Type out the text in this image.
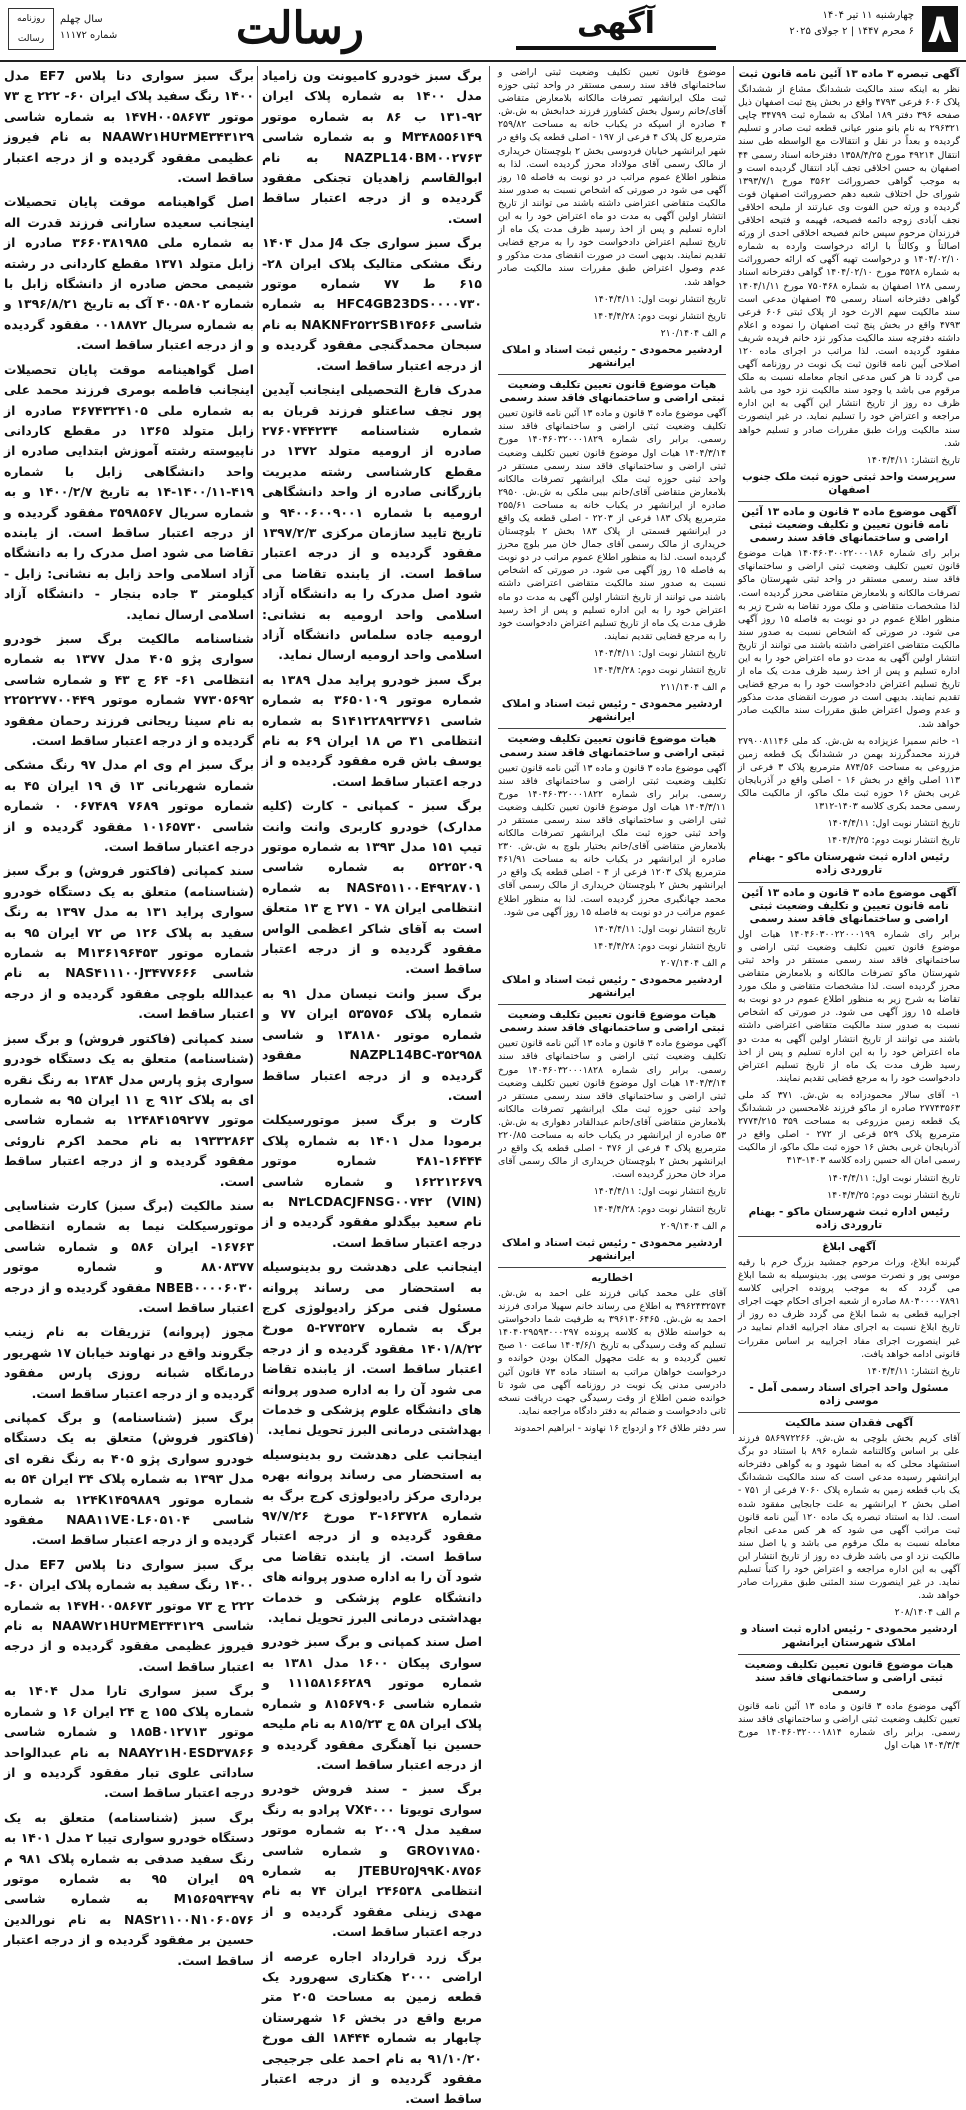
۸
چهارشنبه ۱۱ تیر ۱۴۰۴
۶ محرم ۱۴۴۷ | ۲ جولای ۲۰۲۵
آگهی
رسالت
سال چهلم
شماره ۱۱۱۷۲
روزنامه رسالت
آگهی تبصره ۳ ماده ۱۳ آئین نامه قانون ثبت

نظر به اینکه سند مالکیت ششدانگ مشاع از ششدانگ پلاک ۶۰۶ فرعی ۴۷۹۳ واقع در بخش پنج ثبت اصفهان ذیل صفحه ۳۹۶ دفتر ۱۸۹ املاک به شماره ثبت ۳۴۷۹۹ چاپی ۲۹۶۳۲۱ به نام بانو منور عیانی قطعه ثبت صادر و تسلیم گردیده و بعداً در نقل و انتقالات مع الواسطه طی سند انتقال ۴۹۲۱۴ مورخ ۱۳۵۸/۴/۲۵ دفترخانه اسناد رسمی ۴۴ اصفهان به حسن اخلاقی تجف آباد انتقال گردیده است و به موجب گواهی حصروراثت ۳۵۶۲ مورخ ۱۳۹۳/۷/۱ شورای حل اختلاف شعبه دهم حصروراثت اصفهان فوت گردیده و ورثه حین الفوت وی عبارتند از ملیحه اخلاقی نجف آبادی زوجه دائمه فصیحه، فهیمه و فتیحه اخلاقی فرزندان مرحوم سپس خانم فصیحه اخلاقی احدی از ورثه اصالتاً و وکالتاً با ارائه درخواست وارده به شماره ۱۴۰۴/۰۲/۱۰ و درخواست تهیه آگهی که ارائه حصروراثت به شماره ۳۵۲۸ مورخ ۱۴۰۴/۰۲/۱۰ گواهی دفترخانه اسناد رسمی ۱۲۸ اصفهان به شماره ۷۵۰۴۶۸ مورخ ۱۴۰۴/۱/۱۱ گواهی دفترخانه اسناد رسمی ۳۵ اصفهان مدعی است سند مالکیت سهم الارث خود از پلاک ثبتی ۶۰۶ فرعی ۴۷۹۳ واقع در بخش پنج ثبت اصفهان را نموده و اعلام داشته دفترچه سند مالکیت مذکور نزد خانم فریده شریف مفقود گردیده است. لذا مراتب در اجرای ماده ۱۲۰ اصلاحی آیین نامه قانون ثبت یک نوبت در روزنامه آگهی می گردد تا هر کس مدعی انجام معامله نسبت به ملک مرقوم می باشد یا وجود سند مالکیت نزد خود می باشد ظرف ده روز از تاریخ انتشار این آگهی به این اداره مراجعه و اعتراض خود را تسلیم نماید. در غیر اینصورت سند مالکیت وراث طبق مقررات صادر و تسلیم خواهد شد.

تاریخ انتشار: ۱۴۰۴/۴/۱۱

سرپرست واحد ثبتی حوزه ثبت ملک جنوب اصفهان
آگهی موضوع ماده ۳ قانون و ماده ۱۳ آئین نامه قانون تعیین و تکلیف وضعیت ثبتی اراضی و ساختمانهای فاقد سند رسمی

برابر رای شماره ۱۴۰۴۶۰۳۰۰۲۲۰۰۰۱۸۶ هیات موضوع قانون تعیین تکلیف وضعیت ثبتی اراضی و ساختمانهای فاقد سند رسمی مستقر در واحد ثبتی شهرستان ماکو تصرفات مالکانه و بلامعارض متقاضی محرز گردیده است. لذا مشخصات متقاضی و ملک مورد تقاضا به شرح زیر به منظور اطلاع عموم در دو نوبت به فاصله ۱۵ روز آگهی می شود. در صورتی که اشخاص نسبت به صدور سند مالکیت متقاضی اعتراضی داشته باشند می توانند از تاریخ انتشار اولین آگهی به مدت دو ماه اعتراض خود را به این اداره تسلیم و پس از اخذ رسید ظرف مدت یک ماه از تاریخ تسلیم اعتراض دادخواست خود را به مرجع قضایی تقدیم نمایند. بدیهی است در صورت انقضای مدت مذکور و عدم وصول اعتراض طبق مقررات سند مالکیت صادر خواهد شد.

۱- خانم سمیرا عزیزاده به ش.ش. کد ملی ۲۷۹۰۰۸۱۱۴۶ فرزند محمدگرزند بهمن در ششدانگ یک قطعه زمین مزروعی به مساحت ۸۷۴/۵۶ مترمربع پلاک ۳ فرعی از ۱۱۳ اصلی واقع در بخش ۱۶ - اصلی واقع در آذربایجان غربی بخش ۱۶ حوزه ثبت ملک ماکو، از مالکیت مالک رسمی محمد بکری کلاسه ۱۴۰۳-۱۳۱۲

تاریخ انتشار نوبت اول: ۱۴۰۴/۴/۱۱

تاریخ انتشار نوبت دوم: ۱۴۰۴/۴/۲۵

رئیس اداره ثبت شهرستان ماکو - بهنام تاروردی زاده
آگهی موضوع ماده ۳ قانون و ماده ۱۳ آئین نامه قانون تعیین و تکلیف وضعیت ثبتی اراضی و ساختمانهای فاقد سند رسمی

برابر رای شماره ۱۴۰۴۶۰۳۰۰۲۲۰۰۰۱۹۹ هیات اول موضوع قانون تعیین تکلیف وضعیت ثبتی اراضی و ساختمانهای فاقد سند رسمی مستقر در واحد ثبتی شهرستان ماکو تصرفات مالکانه و بلامعارض متقاضی محرز گردیده است. لذا مشخصات متقاضی و ملک مورد تقاضا به شرح زیر به منظور اطلاع عموم در دو نوبت به فاصله ۱۵ روز آگهی می شود. در صورتی که اشخاص نسبت به صدور سند مالکیت متقاضی اعتراضی داشته باشند می توانند از تاریخ انتشار اولین آگهی به مدت دو ماه اعتراض خود را به این اداره تسلیم و پس از اخذ رسید ظرف مدت یک ماه از تاریخ تسلیم اعتراض دادخواست خود را به مرجع قضایی تقدیم نمایند.

۱- آقای سالار محمودزاده به ش.ش. ۳۷۱ کد ملی ۲۷۷۴۳۵۶۳ صادره از ماکو فرزند غلامحسین در ششدانگ یک قطعه زمین مزروعی به مساحت ۳۵۹ ۲۷۷۴/۲۱۵ مترمربع پلاک ۵۲۹ فرعی از ۲۷۲ - اصلی واقع در آذربایجان غربی بخش ۱۶ حوزه ثبت ملک ماکو، از مالکیت رسمی امان اله حسین زاده کلاسه ۱۴۰۳-۴۱۳

تاریخ انتشار نوبت اول: ۱۴۰۴/۴/۱۱

تاریخ انتشار نوبت دوم: ۱۴۰۴/۴/۲۵

رئیس اداره ثبت شهرستان ماکو - بهنام تاروردی زاده
آگهی ابلاغ

گیرنده ابلاغ، وراث مرحوم جمشید بزرگ خرم با رقیه موسی پور و نصرت موسی پور. بدینوسیله به شما ابلاغ می گردد که به موجب پرونده اجرایی کلاسه ۸۸۰۴۰۰۰۰۷۸۹۱ صادره از شعبه اجرای احکام جهت اجرای اجراییه قطعی به شما ابلاغ می گردد ظرف ده روز از تاریخ ابلاغ نسبت به اجرای مفاد اجراییه اقدام نمایید در غیر اینصورت اجرای مفاد اجراییه بر اساس مقررات قانونی ادامه خواهد یافت.

تاریخ انتشار: ۱۴۰۴/۴/۱۱

مسئول واحد اجرای اسناد رسمی آمل - موسی زاده
آگهی فقدان سند مالکیت

آقای کریم بخش بلوچی به ش.ش. ۵۸۶۹۷۲۲۶۶ فرزند علی بر اساس وکالتنامه شماره ۸۹۶ با استناد دو برگ استشهاد محلی که به امضا شهود و به گواهی دفترخانه ایرانشهر رسیده مدعی است که سند مالکیت ششدانگ یک باب قطعه زمین به شماره پلاک ۷۰۶۰ فرعی از ۷۵۱ - اصلی بخش ۲ ایرانشهر به علت جابجایی مفقود شده است. لذا به استناد تبصره یک ماده ۱۲۰ آیین نامه قانون ثبت مراتب آگهی می شود که هر کس مدعی انجام معامله نسبت به ملک مرقوم می باشد و یا اصل سند مالکیت نزد او می باشد ظرف ده روز از تاریخ انتشار این آگهی به این اداره مراجعه و اعتراض خود را کتباً تسلیم نماید. در غیر اینصورت سند المثنی طبق مقررات صادر خواهد شد.

م الف ۲۰۸/۱۴۰۴

اردشیر محمودی - رئیس اداره ثبت اسناد و املاک شهرستان ایرانشهر
هیات موضوع قانون تعیین تکلیف وضعیت ثبتی اراضی و ساختمانهای فاقد سند رسمی

آگهی موضوع ماده ۳ قانون و ماده ۱۳ آئین نامه قانون تعیین تکلیف وضعیت ثبتی اراضی و ساختمانهای فاقد سند رسمی. برابر رای شماره ۱۴۰۴۶۰۳۲۰۰۰۱۸۱۴ مورخ ۱۴۰۴/۳/۴ هیات اول

موضوع قانون تعیین تکلیف وضعیت ثبتی اراضی و ساختمانهای فاقد سند رسمی مستقر در واحد ثبتی حوزه ثبت ملک ایرانشهر تصرفات مالکانه بلامعارض متقاضی آقای/خانم رسول بخش کشاورز فرزند خدابخش به ش.ش. ۴ صادره از اسپکه در یکباب خانه به مساحت ۲۵۹/۸۲ مترمربع کل پلاک ۴ فرعی از ۱۹۷ - اصلی قطعه یک واقع در شهر ایرانشهر خیابان فردوسی بخش ۲ بلوچستان خریداری از مالک رسمی آقای مولاداد محرز گردیده است. لذا به منظور اطلاع عموم مراتب در دو نوبت به فاصله ۱۵ روز آگهی می شود در صورتی که اشخاص نسبت به صدور سند مالکیت متقاضی اعتراضی داشته باشند می توانند از تاریخ انتشار اولین آگهی به مدت دو ماه اعتراض خود را به این اداره تسلیم و پس از اخذ رسید ظرف مدت یک ماه از تاریخ تسلیم اعتراض دادخواست خود را به مرجع قضایی تقدیم نمایند. بدیهی است در صورت انقضای مدت مذکور و عدم وصول اعتراض طبق مقررات سند مالکیت صادر خواهد شد.

تاریخ انتشار نوبت اول: ۱۴۰۴/۴/۱۱

تاریخ انتشار نوبت دوم: ۱۴۰۴/۴/۲۸

م الف ۲۱۰/۱۴۰۴

اردشیر محمودی - رئیس ثبت اسناد و املاک ایرانشهر
هیات موضوع قانون تعیین تکلیف وضعیت ثبتی اراضی و ساختمانهای فاقد سند رسمی

آگهی موضوع ماده ۳ قانون و ماده ۱۳ آئین نامه قانون تعیین تکلیف وضعیت ثبتی اراضی و ساختمانهای فاقد سند رسمی. برابر رای شماره ۱۴۰۴۶۰۳۲۰۰۰۱۸۲۹ مورخ ۱۴۰۴/۳/۱۴ هیات اول موضوع قانون تعیین تکلیف وضعیت ثبتی اراضی و ساختمانهای فاقد سند رسمی مستقر در واحد ثبتی حوزه ثبت ملک ایرانشهر تصرفات مالکانه بلامعارض متقاضی آقای/خانم بیبی ملکی به ش.ش. ۲۹۵۰ صادره از ایرانشهر در یکباب خانه به مساحت ۲۵۵/۶۱ مترمربع پلاک ۱۸۳ فرعی از ۲۲۰۳ - اصلی قطعه یک واقع در ایرانشهر قسمتی از پلاک ۱۸۳ بخش ۲ بلوچستان خریداری از مالک رسمی آقای جمال خان میر بلوچ محرز گردیده است. لذا به منظور اطلاع عموم مراتب در دو نوبت به فاصله ۱۵ روز آگهی می شود. در صورتی که اشخاص نسبت به صدور سند مالکیت متقاضی اعتراضی داشته باشند می توانند از تاریخ انتشار اولین آگهی به مدت دو ماه اعتراض خود را به این اداره تسلیم و پس از اخذ رسید ظرف مدت یک ماه از تاریخ تسلیم اعتراض دادخواست خود را به مرجع قضایی تقدیم نمایند.

تاریخ انتشار نوبت اول: ۱۴۰۴/۴/۱۱

تاریخ انتشار نوبت دوم: ۱۴۰۴/۴/۲۸

م الف ۲۱۱/۱۴۰۴

اردشیر محمودی - رئیس ثبت اسناد و املاک ایرانشهر
هیات موضوع قانون تعیین تکلیف وضعیت ثبتی اراضی و ساختمانهای فاقد سند رسمی

آگهی موضوع ماده ۳ قانون و ماده ۱۳ آئین نامه قانون تعیین تکلیف وضعیت ثبتی اراضی و ساختمانهای فاقد سند رسمی. برابر رای شماره ۱۴۰۴۶۰۳۲۰۰۰۱۸۲۲ مورخ ۱۴۰۴/۳/۱۱ هیات اول موضوع قانون تعیین تکلیف وضعیت ثبتی اراضی و ساختمانهای فاقد سند رسمی مستقر در واحد ثبتی حوزه ثبت ملک ایرانشهر تصرفات مالکانه بلامعارض متقاضی آقای/خانم بختیار بلوچ به ش.ش. ۲۳۰ صادره از ایرانشهر در یکباب خانه به مساحت ۴۶۱/۹۱ مترمربع پلاک ۱۲۰۳ فرعی از ۴ - اصلی قطعه یک واقع در ایرانشهر بخش ۲ بلوچستان خریداری از مالک رسمی آقای محمد جهانگیری محرز گردیده است. لذا به منظور اطلاع عموم مراتب در دو نوبت به فاصله ۱۵ روز آگهی می شود.

تاریخ انتشار نوبت اول: ۱۴۰۴/۴/۱۱

تاریخ انتشار نوبت دوم: ۱۴۰۴/۴/۲۸

م الف ۲۰۷/۱۴۰۴

اردشیر محمودی - رئیس ثبت اسناد و املاک ایرانشهر
هیات موضوع قانون تعیین تکلیف وضعیت ثبتی اراضی و ساختمانهای فاقد سند رسمی

آگهی موضوع ماده ۳ قانون و ماده ۱۳ آئین نامه قانون تعیین تکلیف وضعیت ثبتی اراضی و ساختمانهای فاقد سند رسمی. برابر رای شماره ۱۴۰۴۶۰۳۲۰۰۰۱۸۲۸ مورخ ۱۴۰۴/۳/۱۴ هیات اول موضوع قانون تعیین تکلیف وضعیت ثبتی اراضی و ساختمانهای فاقد سند رسمی مستقر در واحد ثبتی حوزه ثبت ملک ایرانشهر تصرفات مالکانه بلامعارض متقاضی آقای/خانم عبدالقادر دهواری به ش.ش. ۵۳ صادره از ایرانشهر در یکباب خانه به مساحت ۲۲۰/۸۵ مترمربع پلاک ۴ فرعی از ۴۷۶ - اصلی قطعه یک واقع در ایرانشهر بخش ۲ بلوچستان خریداری از مالک رسمی آقای مراد خان محرز گردیده است.

تاریخ انتشار نوبت اول: ۱۴۰۴/۴/۱۱

تاریخ انتشار نوبت دوم: ۱۴۰۴/۴/۲۸

م الف ۲۰۹/۱۴۰۴

اردشیر محمودی - رئیس ثبت اسناد و املاک ایرانشهر
اخطاریه

آقای علی محمد کیانی فرزند علی احمد به ش.ش. ۳۹۶۲۴۳۲۵۷۴ به اطلاع می رساند خانم سهیلا مرادی فرزند احمد به ش.ش. ۳۹۶۱۳۰۶۴۶۵ به طرفیت شما دادخواستی به خواسته طلاق به کلاسه پرونده ۱۴۰۴۰۲۹۵۹۳۰۰۰۲۹۷ تسلیم که وقت رسیدگی به تاریخ ۱۴۰۴/۶/۱ ساعت ۱۰ صبح تعیین گردیده و به علت مجهول المکان بودن خوانده و درخواست خواهان مراتب به استناد ماده ۷۳ قانون آئین دادرسی مدنی یک نوبت در روزنامه آگهی می شود تا خوانده ضمن اطلاع از وقت رسیدگی جهت دریافت نسخه ثانی دادخواست و ضمائم به دفتر دادگاه مراجعه نماید.

سر دفتر طلاق ۲۶ و ازدواج ۱۶ نهاوند - ابراهیم احمدوند

برگ سبز خودرو کامیونت ون زامیاد مدل ۱۴۰۰ به شماره پلاک ایران ۹۲-۱۳۱ ب ۸۶ به شماره موتور M۳۴۸۵۵۶۱۴۹ و به شماره شاسی NAZPL14۰BM۰۰۲۷۶۳ به نام ابوالقاسم زاهدیان تجنکی مفقود گردیده و از درجه اعتبار ساقط است.

برگ سبز سواری جک J4 مدل ۱۴۰۴ رنگ مشکی متالیک پلاک ایران ۲۸- ۶۱۵ ط ۷۷ شماره موتور HFC4GB23DS۰۰۰۰۷۳۰ به شماره شاسی NAKNF۲۵۲۲SB۱۴۵۶۶ به نام سبحان محمدگنجی مفقود گردیده و از درجه اعتبار ساقط است.

مدرک فارغ التحصیلی اینجانب آیدین پور نجف ساعتلو فرزند قربان به شماره شناسنامه ۲۷۶۰۷۴۴۲۳۴ صادره از ارومیه متولد ۱۳۷۲ در مقطع کارشناسی رشته مدیریت بازرگانی صادره از واحد دانشگاهی ارومیه با شماره ۹۴۰۰۶۰۰۹۰۰۱ و تاریخ تایید سازمان مرکزی ۱۳۹۷/۲/۳ مفقود گردیده و از درجه اعتبار ساقط است. از یابنده تقاضا می شود اصل مدرک را به دانشگاه آزاد اسلامی واحد ارومیه به نشانی: ارومیه جاده سلماس دانشگاه آزاد اسلامی واحد ارومیه ارسال نماید.

برگ سبز خودرو پراید مدل ۱۳۸۹ به شماره موتور ۳۶۵۰۱۰۹ به شماره شاسی S۱۴۱۲۲۸۹۲۳۷۶۱ به شماره انتظامی ۳۱ ص ۱۸ ایران ۶۹ به نام یوسف باش قره مفقود گردیده و از درجه اعتبار ساقط است.

برگ سبز - کمپانی - کارت (کلیه مدارک) خودرو کاربری وانت وانت تیپ ۱۵۱ مدل ۱۳۹۳ به شماره موتور ۵۲۲۵۲۰۹ به شماره شاسی NAS۴۵۱۱۰۰E۴۹۲۸۷۰۱ به شماره انتظامی ایران ۷۸ - ۲۷۱ ج ۱۳ متعلق است به آقای شاکر اعظمی الواس مفقود گردیده و از درجه اعتبار ساقط است.

برگ سبز وانت نیسان مدل ۹۱ به شماره پلاک ۵۳۵۷۵۶ ایران ۷۷ و شماره موتور ۱۳۸۱۸۰ و شاسی NAZPL14BC-۳۵۲۹۵۸ مفقود گردیده و از درجه اعتبار ساقط است.

کارت و برگ سبز موتورسیکلت برمودا مدل ۱۴۰۱ به شماره پلاک ۱۶۴۴۴-۴۸۱ شماره موتور ۱۶۲۲۱۲۶۷۹ و شماره شاسی N۳LCDACJFNSG۰۰۷۴۲ (VIN) به نام سعید بیگدلو مفقود گردیده و از درجه اعتبار ساقط است.

اینجانب علی دهدشت رو بدینوسیله به استحضار می رساند پروانه مسئول فنی مرکز رادیولوژی کرج برگ به شماره ۲۷۳۵۲۷-۵ مورخ ۱۴۰۱/۸/۲۲ مفقود گردیده و از درجه اعتبار ساقط است. از یابنده تقاضا می شود آن را به اداره صدور پروانه های دانشگاه علوم پزشکی و خدمات بهداشتی درمانی البرز تحویل نماید.

اینجانب علی دهدشت رو بدینوسیله به استحضار می رساند پروانه بهره برداری مرکز رادیولوژی کرج برگ به شماره ۱۶۳۷۲۸-۳ مورخ ۹۷/۷/۲۶ مفقود گردیده و از درجه اعتبار ساقط است. از یابنده تقاضا می شود آن را به اداره صدور پروانه های دانشگاه علوم پزشکی و خدمات بهداشتی درمانی البرز تحویل نماید.

اصل سند کمپانی و برگ سبز خودرو سواری پیکان ۱۶۰۰ مدل ۱۳۸۱ به شماره موتور ۱۱۱۵۸۱۶۶۲۸۹ و شماره شاسی ۸۱۵۶۷۹۰۶ و شماره پلاک ایران ۵۸ ج ۸۱۵/۲۳ به نام ملیحه حسین نیا آهنگری مفقود گردیده و از درجه اعتبار ساقط است.

برگ سبز - سند فروش خودرو سواری تویوتا VX۴۰۰۰ پرادو به رنگ سفید مدل ۲۰۰۹ به شماره موتور GRO۷۱۷۸۵۰ و شماره شاسی JTEBU۲۵J۹۹K۰۸۷۵۶ به شماره انتظامی ۲۴۶۵۳۸ ایران ۷۴ به نام مهدی زینلی مفقود گردیده و از درجه اعتبار ساقط است.

برگ زرد قرارداد اجاره عرصه از اراضی ۲۰۰۰ هکتاری سهرورد یک قطعه زمین به مساحت ۲۰۵ متر مربع واقع در بخش ۱۶ شهرستان چابهار به شماره ۱۸۴۴۴ الف مورخ ۹۱/۱۰/۲۰ به نام احمد علی جرجیجی مفقود گردیده و از درجه اعتبار ساقط است.

برگ سبز سواری دنا پلاس EF7 مدل ۱۴۰۰ رنگ سفید پلاک ایران ۶۰- ۲۲۲ ج ۷۳ موتور ۱۴۷H۰۰۵۸۶۷۳ به شماره شاسی NAAW۲۱HU۳ME۳۴۳۱۲۹ به نام فیروز عظیمی مفقود گردیده و از درجه اعتبار ساقط است.

اصل گواهینامه موقت پایان تحصیلات اینجانب سعیده سارانی فرزند قدرت اله به شماره ملی ۳۶۶۰۳۸۱۹۸۵ صادره از زابل متولد ۱۳۷۱ مقطع کاردانی در رشته شیمی محض صادره از دانشگاه زابل با شماره ۴۰۰۵۸۰۲ آک به تاریخ ۱۳۹۶/۸/۲۱ و به شماره سریال ۰۰۱۸۸۷۲ مفقود گردیده و از درجه اعتبار ساقط است.

اصل گواهینامه موقت پایان تحصیلات اینجانب فاطمه بومری فرزند محمد علی به شماره ملی ۳۶۷۴۳۲۴۱۰۵ صادره از زابل متولد ۱۳۶۵ در مقطع کاردانی ناپیوسته رشته آموزش ابتدایی صادره از واحد دانشگاهی زابل با شماره ۴۱۹-۱۴۰۰/۱۱-۱۴ به تاریخ ۱۴۰۰/۲/۷ و به شماره سریال ۳۵۹۸۵۶۷ مفقود گردیده و از درجه اعتبار ساقط است. از یابنده تقاضا می شود اصل مدرک را به دانشگاه آزاد اسلامی واحد زابل به نشانی: زابل - کیلومتر ۳ جاده بنجار - دانشگاه آزاد اسلامی ارسال نماید.

شناسنامه مالکیت برگ سبز خودرو سواری پژو ۴۰۵ مدل ۱۳۷۷ به شماره انتظامی ۶۱- ۶۴ ج ۴۳ و شماره شاسی ۷۷۳۰۵۶۹۲ شماره موتور ۲۲۵۲۲۷۷۰۰۴۴۹ به نام سینا ریحانی فرزند رحمان مفقود گردیده و از درجه اعتبار ساقط است.

برگ سبز ام وی ام مدل ۹۷ رنگ مشکی شماره شهربانی ۱۳ ق ۱۹ ایران ۴۵ به شماره موتور ۷۶۸۹ ۰۶۷۴۸۹ ۰ شماره شاسی ۱۰۱۶۵۷۳۰ مفقود گردیده و از درجه اعتبار ساقط است.

سند کمپانی (فاکتور فروش) و برگ سبز (شناسنامه) متعلق به یک دستگاه خودرو سواری پراید ۱۳۱ به مدل ۱۳۹۷ به رنگ سفید به پلاک ۱۲۶ ص ۷۲ ایران ۹۵ به شماره موتور M۱۳۶۱۹۶۴۵۳ به شماره شاسی NAS۴۱۱۱۰۰J۳۴۷۷۶۶۶ به نام عبدالله بلوچی مفقود گردیده و از درجه اعتبار ساقط است.

سند کمپانی (فاکتور فروش) و برگ سبز (شناسنامه) متعلق به یک دستگاه خودرو سواری پژو پارس مدل ۱۳۸۴ به رنگ نقره ای به پلاک ۹۱۲ ج ۱۱ ایران ۹۵ به شماره موتور ۱۲۴۸۴۱۵۹۲۷۷ به شماره شاسی ۱۹۳۳۲۸۶۳ به نام محمد اکرم ناروئی مفقود گردیده و از درجه اعتبار ساقط است.

سند مالکیت (برگ سبز) کارت شناسایی موتورسیکلت نیما به شماره انتظامی ۱۶۷۶۳- ایران ۵۸۶ و شماره شاسی ۸۸۰۸۳۷۷ و شماره موتور NBEB۰۰۰۰۶۰۳۰ مفقود گردیده و از درجه اعتبار ساقط است.

مجوز (پروانه) تزریقات به نام زینب جگروند واقع در نهاوند خیابان ۱۷ شهریور درمانگاه شبانه روزی پارس مفقود گردیده و از درجه اعتبار ساقط است.

برگ سبز (شناسنامه) و برگ کمپانی (فاکتور فروش) متعلق به یک دستگاه خودرو سواری پژو ۴۰۵ به رنگ نقره ای مدل ۱۳۹۳ به شماره پلاک ۳۴ ایران ۵۴ به شماره موتور ۱۲۴K۱۴۵۹۸۸۹ به شماره شاسی NAA۱۱VE۰L۶۰۵۱۰۴ مفقود گردیده و از درجه اعتبار ساقط است.

برگ سبز سواری دنا پلاس EF7 مدل ۱۴۰۰ رنگ سفید به شماره پلاک ایران ۶۰- ۲۲۲ ج ۷۳ موتور ۱۴۷H۰۰۵۸۶۷۳ به شماره شاسی NAAW۲۱HU۳ME۳۴۳۱۲۹ به نام فیروز عظیمی مفقود گردیده و از درجه اعتبار ساقط است.

برگ سبز سواری تارا مدل ۱۴۰۴ به شماره پلاک ۱۵۵ ج ۲۴ ایران ۱۶ و شماره موتور ۱۸۵B۰۱۲۷۱۳ و شماره شاسی NAAY۲۱H۰ESD۳۷۸۶۶ به نام عبدالواحد ساداتی علوی تبار مفقود گردیده و از درجه اعتبار ساقط است.

برگ سبز (شناسنامه) متعلق به یک دستگاه خودرو سواری تیبا ۲ مدل ۱۴۰۱ به رنگ سفید صدفی به شماره پلاک ۹۸۱ م ۵۹ ایران ۹۵ به شماره موتور M۱۵۶۵۹۳۴۹۷ به شماره شاسی NAS۲۱۱۰۰N۱۰۶۰۵۷۶ به نام نورالدین حسین بر مفقود گردیده و از درجه اعتبار ساقط است.
